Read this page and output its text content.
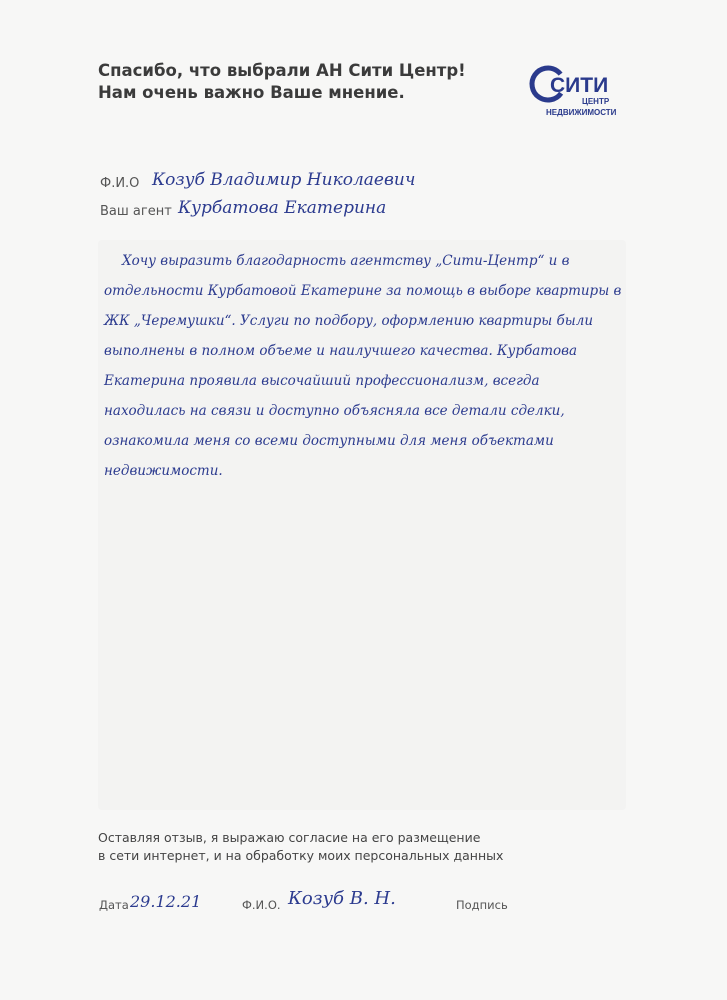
Спасибо, что выбрали АН Сити Центр!
Нам очень важно Ваше мнение.	СИТИ
ЦЕНТР
НЕДВИЖИМОСТИ
Ф.И.О Козуб Владимир Николаевич
Ваш агент Курбатова Екатерина
Хочу выразить благодарность агентству „Сити-Центр“ и в отдельности Курбатовой Екатерине за помощь в выборе квартиры в ЖК „Черемушки“. Услуги по подбору, оформлению квартиры были выполнены в полном объеме и наилучшего качества. Курбатова Екатерина проявила высочайший профессионализм, всегда находилась на связи и доступно объясняла все детали сделки, ознакомила меня со всеми доступными для меня объектами недвижимости.
Оставляя отзыв, я выражаю согласие на его размещение
в сети интернет, и на обработку моих персональных данных
Дата 29.12.21	Ф.И.О. Козуб В. Н.	Подпись
